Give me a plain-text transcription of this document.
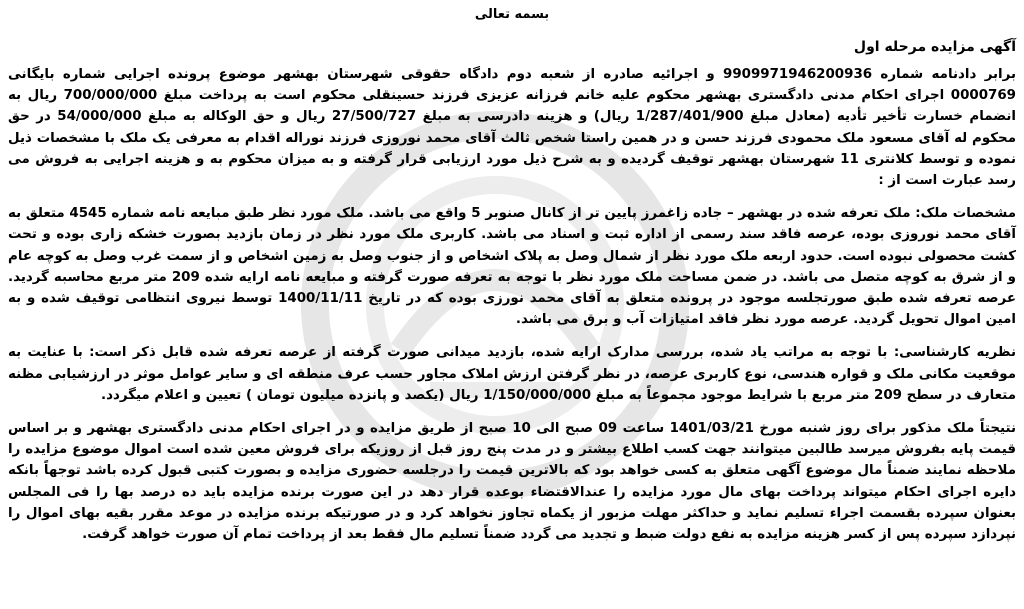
بسمه تعالی
آگهی مزایده مرحله اول

برابر دادنامه شماره 9909971946200936 و اجرائیه صادره از شعبه دوم دادگاه حقوقی شهرستان بهشهر موضوع پرونده اجرایی شماره بایگانی 0000769 اجرای احکام مدنی دادگستری بهشهر محکوم علیه خانم فرزانه عزیزی فرزند حسینقلی محکوم است به پرداخت مبلغ 700/000/000 ریال به انضمام خسارت تأخیر تأدیه (معادل مبلغ 1/287/401/900 ریال) و هزینه دادرسی به مبلغ 27/500/727 ریال و حق الوکاله به مبلغ 54/000/000 در حق محکوم له آقای مسعود ملک محمودی فرزند حسن و در همین راستا شخص ثالث آقای محمد نوروزی فرزند نوراله اقدام به معرفی یک ملک با مشخصات ذیل نموده و توسط کلانتری 11 شهرستان بهشهر توقیف گردیده و به شرح ذیل مورد ارزیابی قرار گرفته و به میزان محکوم به و هزینه اجرایی به فروش می رسد عبارت است از :

مشخصات ملک: ملک تعرفه شده در بهشهر – جاده زاغمرز پایین تر از کانال صنوبر 5 واقع می باشد. ملک مورد نظر طبق مبایعه نامه شماره 4545 متعلق به آقای محمد نوروزی بوده، عرصه فاقد سند رسمی از اداره ثبت و اسناد می باشد. کاربری ملک مورد نظر در زمان بازدید بصورت خشکه زاری بوده و تحت کشت محصولی نبوده است. حدود اربعه ملک مورد نظر از شمال وصل به پلاک اشخاص و از جنوب وصل به زمین اشخاص و از سمت غرب وصل به کوچه عام و از شرق به کوچه متصل می باشد. در ضمن مساحت ملک مورد نظر با توجه به تعرفه صورت گرفته و مبایعه نامه ارایه شده 209 متر مربع محاسبه گردید. عرصه تعرفه شده طبق صورتجلسه موجود در پرونده متعلق به آقای محمد نورزی بوده که در تاریخ 1400/11/11 توسط نیروی انتظامی توقیف شده و به امین اموال تحویل گردید. عرصه مورد نظر فاقد امتیازات آب و برق می باشد.

نظریه کارشناسی: با توجه به مراتب یاد شده، بررسی مدارک ارایه شده، بازدید میدانی صورت گرفته از عرصه تعرفه شده قابل ذکر است: با عنایت به موقعیت مکانی ملک و قواره هندسی، نوع کاربری عرصه، در نظر گرفتن ارزش املاک مجاور حسب عرف منطقه ای و سایر عوامل موثر در ارزشیابی مظنه متعارف در سطح 209 متر مربع با شرایط موجود مجموعاً به مبلغ 1/150/000/000 ریال (یکصد و پانزده میلیون تومان ) تعیین و اعلام میگردد.

نتیجتاً ملک مذکور برای روز شنبه مورخ 1401/03/21 ساعت 09 صبح الی 10 صبح از طریق مزایده و در اجرای احکام مدنی دادگستری بهشهر و بر اساس قیمت پایه بفروش میرسد طالبین میتوانند جهت کسب اطلاع بیشتر و در مدت پنج روز قبل از روزیکه برای فروش معین شده است اموال موضوع مزایده را ملاحظه نمایند ضمناً مال موضوع آگهی متعلق به کسی خواهد بود که بالاترین قیمت را درجلسه حضوری مزایده و بصورت کتبی قبول کرده باشد توجهاً بانکه دایره اجرای احکام میتواند پرداخت بهای مال مورد مزایده را عندالاقتضاء بوعده قرار دهد در این صورت برنده مزایده باید ده درصد بها را فی المجلس بعنوان سپرده بقسمت اجراء تسلیم نماید و حداکثر مهلت مزبور از یکماه تجاوز نخواهد کرد و در صورتیکه برنده مزایده در موعد مقرر بقیه بهای اموال را نپردازد سپرده پس از کسر هزینه مزایده به نفع دولت ضبط و تجدید می گردد ضمناً تسلیم مال فقط بعد از پرداخت تمام آن صورت خواهد گرفت.
